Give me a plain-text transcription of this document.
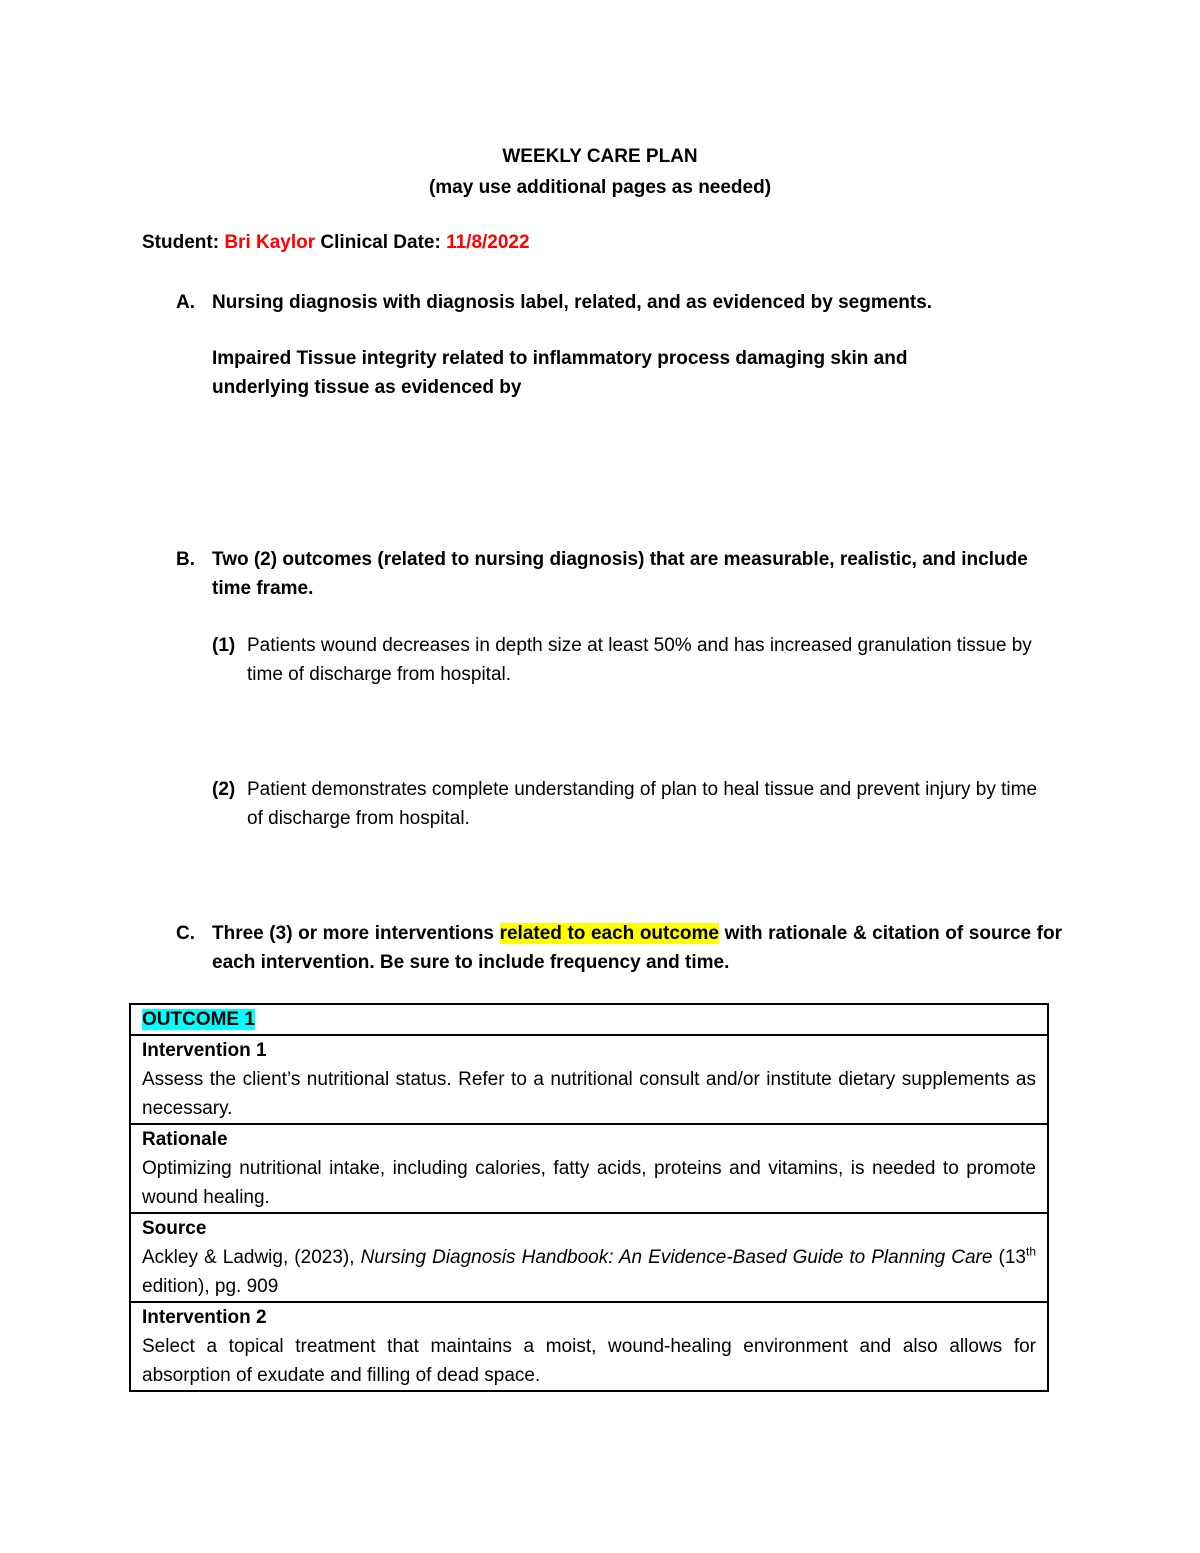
WEEKLY CARE PLAN
(may use additional pages as needed)
Student: Bri Kaylor Clinical Date: 11/8/2022
A. Nursing diagnosis with diagnosis label, related, and as evidenced by segments.
Impaired Tissue integrity related to inflammatory process damaging skin and underlying tissue as evidenced by
B. Two (2) outcomes (related to nursing diagnosis) that are measurable, realistic, and include time frame.
(1) Patients wound decreases in depth size at least 50% and has increased granulation tissue by time of discharge from hospital.
(2) Patient demonstrates complete understanding of plan to heal tissue and prevent injury by time of discharge from hospital.
C. Three (3) or more interventions related to each outcome with rationale & citation of source for each intervention. Be sure to include frequency and time.
OUTCOME 1
Intervention 1
Assess the client’s nutritional status. Refer to a nutritional consult and/or institute dietary supplements as necessary.
Rationale
Optimizing nutritional intake, including calories, fatty acids, proteins and vitamins, is needed to promote wound healing.
Source
Ackley & Ladwig, (2023), Nursing Diagnosis Handbook: An Evidence-Based Guide to Planning Care (13th edition), pg. 909
Intervention 2
Select a topical treatment that maintains a moist, wound-healing environment and also allows for absorption of exudate and filling of dead space.
